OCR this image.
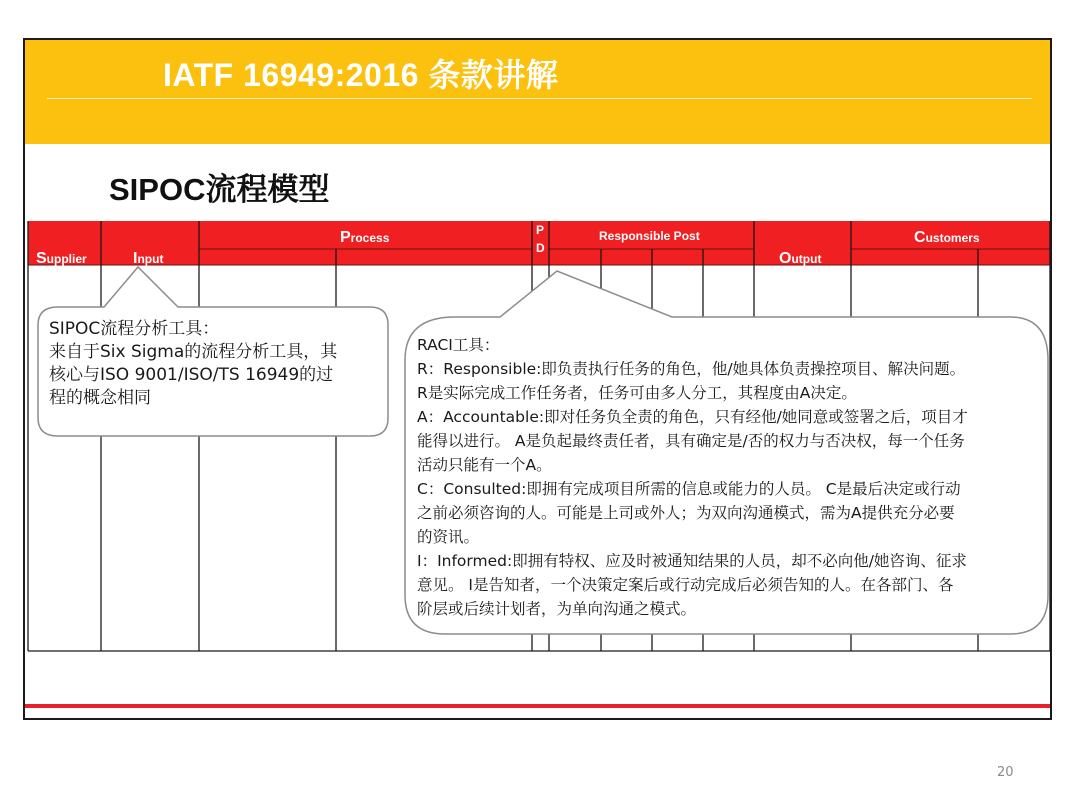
IATF 16949:2016 条款讲解
SIPOC流程模型
Supplier	Input
Process
P
D
Responsible Post
Output
Customers
SIPOC流程分析工具：
来自于Six Sigma的流程分析工具，其
核心与ISO 9001/ISO/TS 16949的过
程的概念相同
RACI工具：
R：Responsible:即负责执行任务的角色，他/她具体负责操控项目、解决问题。
R是实际完成工作任务者，任务可由多人分工，其程度由A决定。
A：Accountable:即对任务负全责的角色，只有经他/她同意或签署之后，项目才
能得以进行。 A是负起最终责任者，具有确定是/否的权力与否决权，每一个任务
活动只能有一个A。
C：Consulted:即拥有完成项目所需的信息或能力的人员。 C是最后决定或行动
之前必须咨询的人。可能是上司或外人；为双向沟通模式，需为A提供充分必要
的资讯。
I：Informed:即拥有特权、应及时被通知结果的人员，却不必向他/她咨询、征求
意见。 I是告知者，一个决策定案后或行动完成后必须告知的人。在各部门、各
阶层或后续计划者，为单向沟通之模式。
20
